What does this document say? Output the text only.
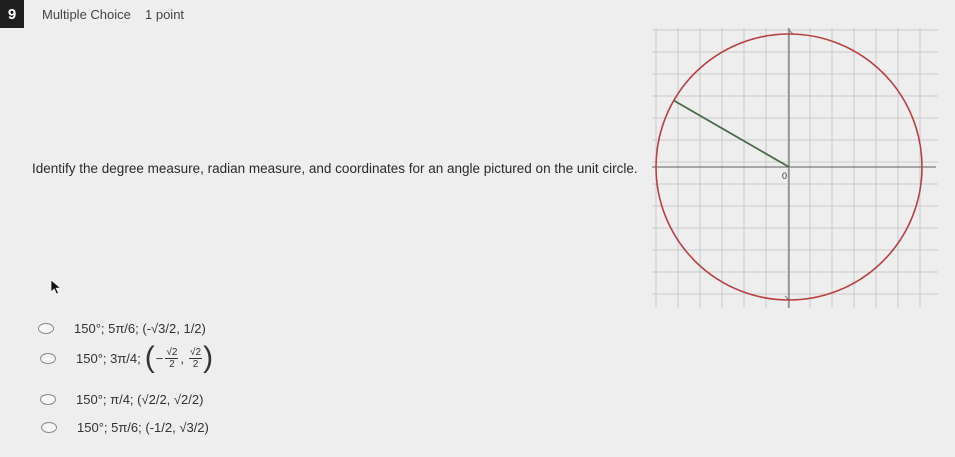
9	Multiple Choice 1 point
Identify the degree measure, radian measure, and coordinates for an angle pictured on the unit circle.	0
150°; 5π/6; (-√3/2, 1/2)
150°; 3π/4; ( − $\frac{√2}{2}$ , $\frac{√2}{2}$ )
150°; π/4; (√2/2, √2/2)
150°; 5π/6; (-1/2, √3/2)
